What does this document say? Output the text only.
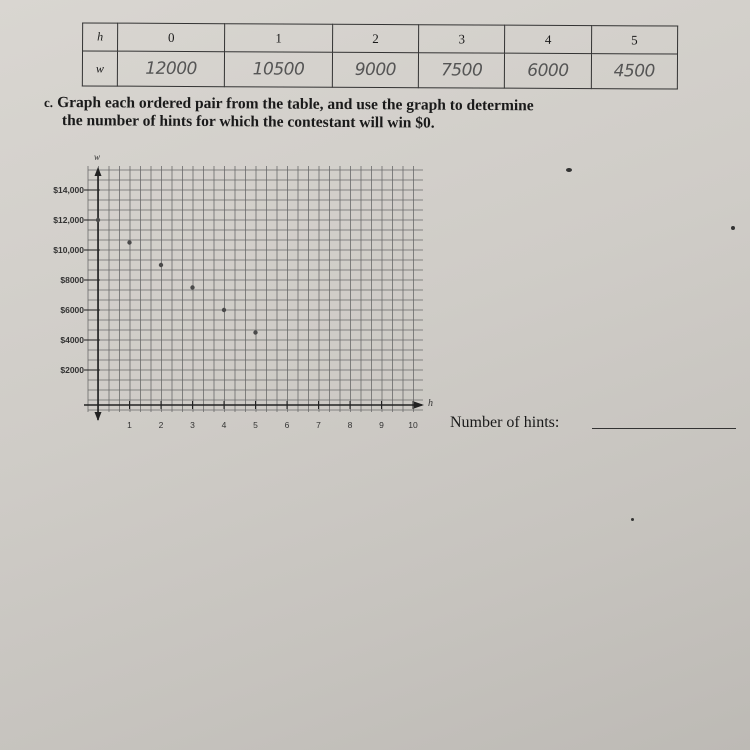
h	0	1	2	3	4	5
w	12000	10500	9000	7500	6000	4500
c. Graph each ordered pair from the table, and use the graph to determine
the number of hints for which the contestant will win $0.
w
h
$14,000
$12,000
$10,000
$8000
$6000
$4000
$2000
1	2	3	4	5	6	7	8	9	10 Number of hints:
